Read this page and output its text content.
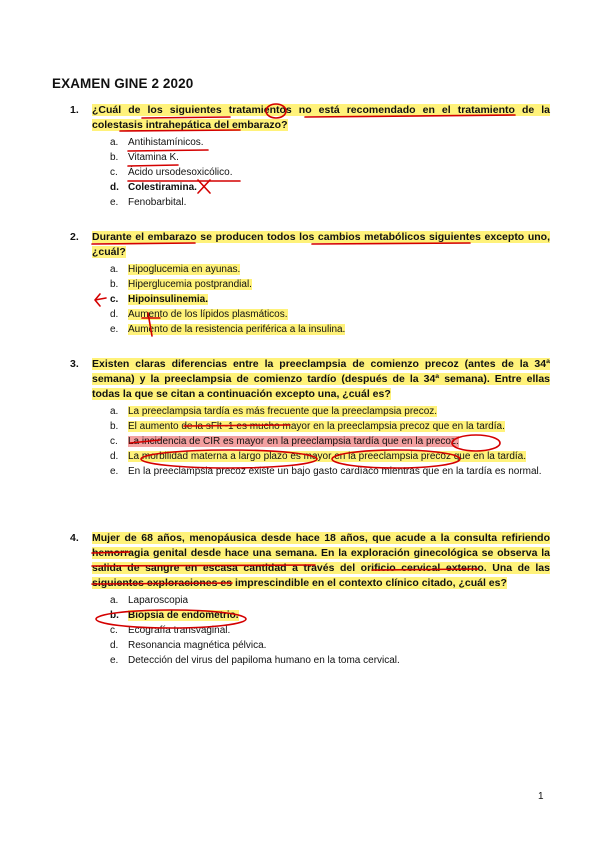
EXAMEN GINE 2 2020
1. ¿Cuál de los siguientes tratamientos no está recomendado en el tratamiento de la colestasis intrahepática del embarazo?
a. Antihistamínicos.
b. Vitamina K.
c. Ácido ursodesoxicólico.
d. Colestiramina.
e. Fenobarbital.
2. Durante el embarazo se producen todos los cambios metabólicos siguientes excepto uno, ¿cuál?
a. Hipoglucemia en ayunas.
b. Hiperglucemia postprandial.
c. Hipoinsulinemia.
d. Aumento de los lípidos plasmáticos.
e. Aumento de la resistencia periférica a la insulina.
3. Existen claras diferencias entre la preeclampsia de comienzo precoz (antes de la 34ª semana) y la preeclampsia de comienzo tardío (después de la 34ª semana). Entre ellas todas la que se citan a continuación excepto una, ¿cuál es?
a. La preeclampsia tardía es más frecuente que la preeclampsia precoz.
b. El aumento de la sFlt -1 es mucho mayor en la preeclampsia precoz que en la tardía.
c. La incidencia de CIR es mayor en la preeclampsia tardía que en la precoz.
d. La morbilidad materna a largo plazo es mayor en la preeclampsia precoz que en la tardía.
e. En la preeclampsia precoz existe un bajo gasto cardíaco mientras que en la tardía es normal.
4. Mujer de 68 años, menopáusica desde hace 18 años, que acude a la consulta refiriendo hemorragia genital desde hace una semana. En la exploración ginecológica se observa la salida de sangre en escasa cantidad a través del orificio cervical externo. Una de las siguientes exploraciones es imprescindible en el contexto clínico citado, ¿cuál es?
a. Laparoscopia
b. Biopsia de endometrio.
c. Ecografía transvaginal.
d. Resonancia magnética pélvica.
e. Detección del virus del papiloma humano en la toma cervical.
1
